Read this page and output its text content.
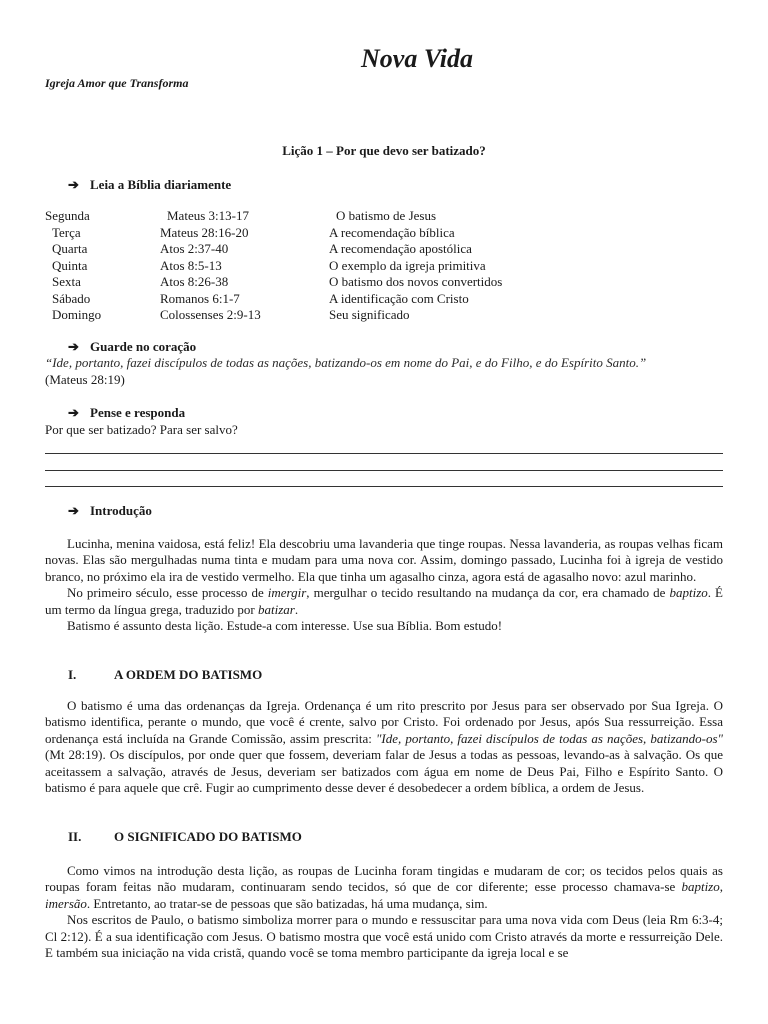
Nova Vida
Igreja Amor que Transforma
Lição 1 – Por que devo ser batizado?
➔ Leia a Bíblia diariamente
Segunda	Mateus 3:13-17	O batismo de Jesus
Terça	Mateus 28:16-20	A recomendação bíblica
Quarta	Atos 2:37-40	A recomendação apostólica
Quinta	Atos 8:5-13	O exemplo da igreja primitiva
Sexta	Atos 8:26-38	O batismo dos novos convertidos
Sábado	Romanos 6:1-7	A identificação com Cristo
Domingo	Colossenses 2:9-13	Seu significado
➔ Guarde no coração
“Ide, portanto, fazei discípulos de todas as nações, batizando-os em nome do Pai, e do Filho, e do Espírito Santo.”
(Mateus 28:19)
➔ Pense e responda
Por que ser batizado? Para ser salvo?
➔ Introdução

Lucinha, menina vaidosa, está feliz! Ela descobriu uma lavanderia que tinge roupas. Nessa lavanderia, as roupas velhas ficam novas. Elas são mergulhadas numa tinta e mudam para uma nova cor. Assim, domingo passado, Lucinha foi à igreja de vestido branco, no próximo ela ira de vestido vermelho. Ela que tinha um agasalho cinza, agora está de agasalho novo: azul marinho.

No primeiro século, esse processo de imergir, mergulhar o tecido resultando na mudança da cor, era chamado de baptizo. É um termo da língua grega, traduzido por batizar.

Batismo é assunto desta lição. Estude-a com interesse. Use sua Bíblia. Bom estudo!

I.	A ORDEM DO BATISMO

O batismo é uma das ordenanças da Igreja. Ordenança é um rito prescrito por Jesus para ser observado por Sua Igreja. O batismo identifica, perante o mundo, que você é crente, salvo por Cristo. Foi ordenado por Jesus, após Sua ressurreição. Essa ordenança está incluída na Grande Comissão, assim prescrita: "Ide, portanto, fazei discípulos de todas as nações, batizando-os" (Mt 28:19). Os discípulos, por onde quer que fossem, deveriam falar de Jesus a todas as pessoas, levando-as à salvação. Os que aceitassem a salvação, através de Jesus, deveriam ser batizados com água em nome de Deus Pai, Filho e Espírito Santo. O batismo é para aquele que crê. Fugir ao cumprimento desse dever é desobedecer a ordem bíblica, a ordem de Jesus.

II.	O SIGNIFICADO DO BATISMO

Como vimos na introdução desta lição, as roupas de Lucinha foram tingidas e mudaram de cor; os tecidos pelos quais as roupas foram feitas não mudaram, continuaram sendo tecidos, só que de cor diferente; esse processo chamava-se baptizo, imersão. Entretanto, ao tratar-se de pessoas que são batizadas, há uma mudança, sim.

Nos escritos de Paulo, o batismo simboliza morrer para o mundo e ressuscitar para uma nova vida com Deus (leia Rm 6:3-4; Cl 2:12). É a sua identificação com Jesus. O batismo mostra que você está unido com Cristo através da morte e ressurreição Dele. E também sua iniciação na vida cristã, quando você se toma membro participante da igreja local e se
